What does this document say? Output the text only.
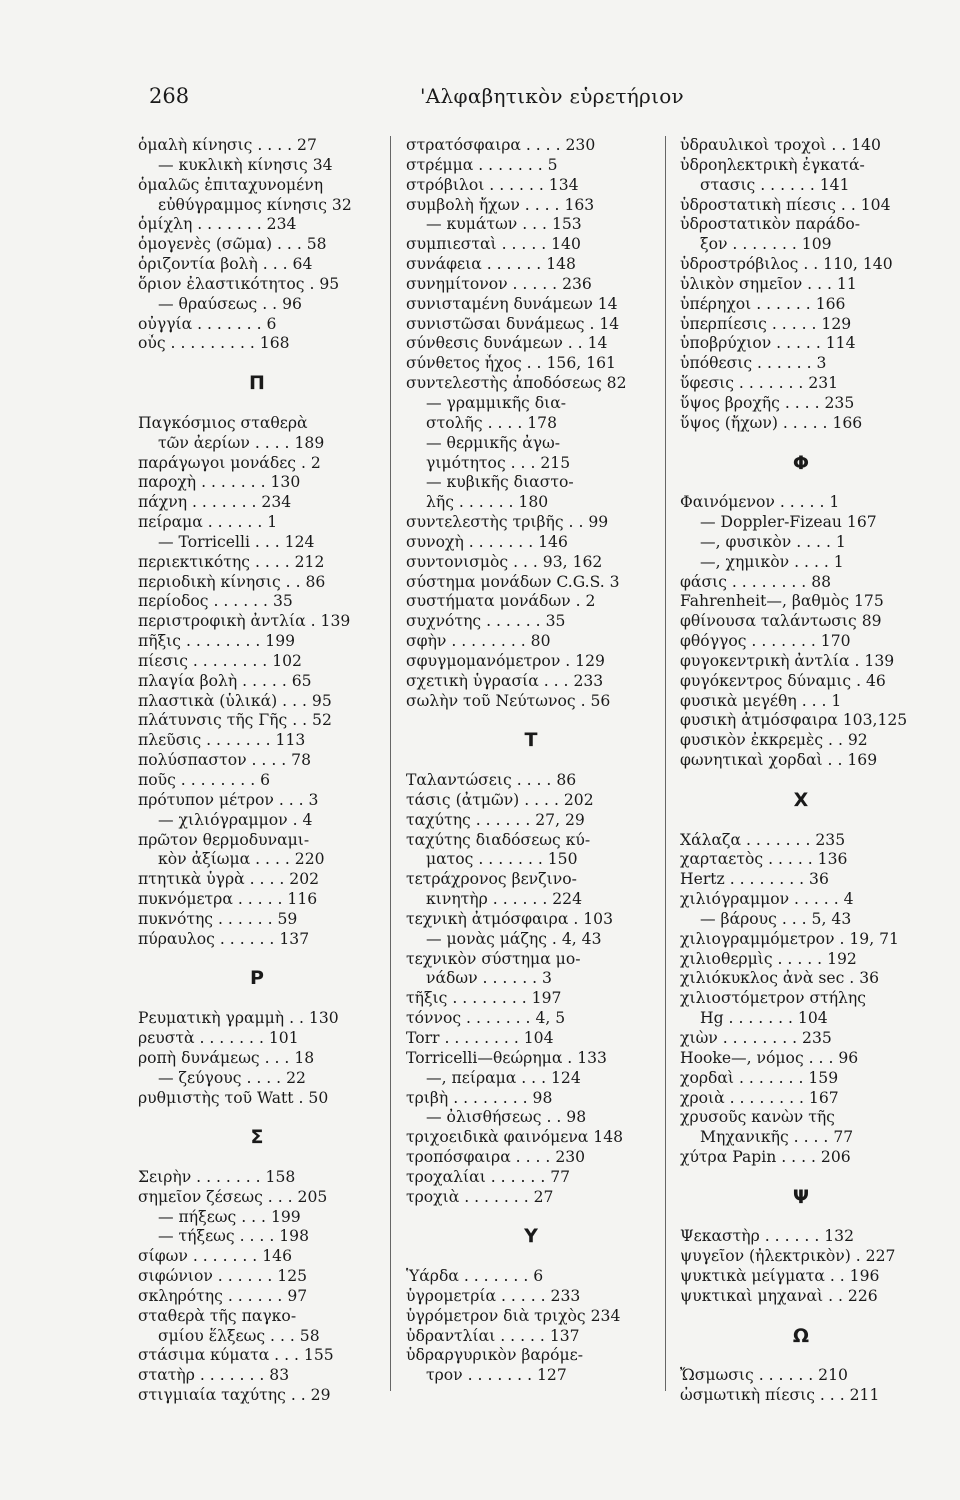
268	'Αλφαβητικὸν εὑρετήριον
ὁμαλὴ κίνησις . . . . 27
— κυκλικὴ κίνησις 34
ὁμαλῶς ἐπιταχυνομένη
εὐθύγραμμος κίνησις 32
ὁμίχλη . . . . . . . 234
ὁμογενὲς (σῶμα) . . . 58
ὁριζοντία βολὴ . . . 64
ὅριον ἐλαστικότητος . 95
— θραύσεως . . 96
οὐγγία . . . . . . . 6
οὖς . . . . . . . . . 168
Π
Παγκόσμιος σταθερὰ
τῶν ἀερίων . . . . 189
παράγωγοι μονάδες . 2
παροχὴ . . . . . . . 130
πάχνη . . . . . . . 234
πείραμα . . . . . . 1
— Torricelli . . . 124
περιεκτικότης . . . . 212
περιοδικὴ κίνησις . . 86
περίοδος . . . . . . 35
περιστροφικὴ ἀντλία . 139
πῆξις . . . . . . . . 199
πίεσις . . . . . . . . 102
πλαγία βολὴ . . . . . 65
πλαστικὰ (ὑλικά) . . . 95
πλάτυνσις τῆς Γῆς . . 52
πλεῦσις . . . . . . . 113
πολύσπαστον . . . . 78
ποῦς . . . . . . . . 6
πρότυπον μέτρον . . . 3
— χιλιόγραμμον . 4
πρῶτον θερμοδυναμι-
κὸν ἀξίωμα . . . . 220
πτητικὰ ὑγρὰ . . . . 202
πυκνόμετρα . . . . . 116
πυκνότης . . . . . . 59
πύραυλος . . . . . . 137
Ρ
Ρευματικὴ γραμμὴ . . 130
ρευστὰ . . . . . . . 101
ροπὴ δυνάμεως . . . 18
— ζεύγους . . . . 22
ρυθμιστὴς τοῦ Watt . 50
Σ
Σειρὴν . . . . . . . 158
σημεῖον ζέσεως . . . 205
— πήξεως . . . 199
— τήξεως . . . . 198
σίφων . . . . . . . 146
σιφώνιον . . . . . . 125
σκληρότης . . . . . . 97
σταθερὰ τῆς παγκο-
σμίου ἕλξεως . . . 58
στάσιμα κύματα . . . 155
στατὴρ . . . . . . . 83
στιγμιαία ταχύτης . . 29
στρατόσφαιρα . . . . 230
στρέμμα . . . . . . . 5
στρόβιλοι . . . . . . 134
συμβολὴ ἤχων . . . . 163
— κυμάτων . . . 153
συμπιεσταὶ . . . . . 140
συνάφεια . . . . . . 148
συνημίτονον . . . . . 236
συνισταμένη δυνάμεων 14
συνιστῶσαι δυνάμεως . 14
σύνθεσις δυνάμεων . . 14
σύνθετος ἦχος . . 156, 161
συντελεστὴς ἀποδόσεως 82
— γραμμικῆς δια-
στολῆς . . . . 178
— θερμικῆς ἀγω-
γιμότητος . . . 215
— κυβικῆς διαστο-
λῆς . . . . . . 180
συντελεστὴς τριβῆς . . 99
συνοχὴ . . . . . . . 146
συντονισμὸς . . . 93, 162
σύστημα μονάδων C.G.S. 3
συστήματα μονάδων . 2
συχνότης . . . . . . 35
σφὴν . . . . . . . . 80
σφυγμομανόμετρον . 129
σχετικὴ ὑγρασία . . . 233
σωλὴν τοῦ Νεύτωνος . 56
Τ
Ταλαντώσεις . . . . 86
τάσις (ἀτμῶν) . . . . 202
ταχύτης . . . . . . 27, 29
ταχύτης διαδόσεως κύ-
ματος . . . . . . . 150
τετράχρονος βενζινο-
κινητὴρ . . . . . . 224
τεχνικὴ ἀτμόσφαιρα . 103
— μονὰς μάζης . 4, 43
τεχνικὸν σύστημα μο-
νάδων . . . . . . 3
τῆξις . . . . . . . . 197
τόννος . . . . . . . 4, 5
Torr . . . . . . . . 104
Torricelli—θεώρημα . 133
—, πείραμα . . . 124
τριβὴ . . . . . . . . 98
— ὀλισθήσεως . . 98
τριχοειδικὰ φαινόμενα 148
τροπόσφαιρα . . . . 230
τροχαλίαι . . . . . . 77
τροχιὰ . . . . . . . 27
Υ
Ὑάρδα . . . . . . . 6
ὑγρομετρία . . . . . 233
ὑγρόμετρον διὰ τριχὸς 234
ὑδραντλίαι . . . . . 137
ὑδραργυρικὸν βαρόμε-
τρον . . . . . . . 127
ὑδραυλικοὶ τροχοὶ . . 140
ὑδροηλεκτρικὴ ἐγκατά-
στασις . . . . . . 141
ὑδροστατικὴ πίεσις . . 104
ὑδροστατικὸν παράδο-
ξον . . . . . . . 109
ὑδροστρόβιλος . . 110, 140
ὑλικὸν σημεῖον . . . 11
ὑπέρηχοι . . . . . . 166
ὑπερπίεσις . . . . . 129
ὑποβρύχιον . . . . . 114
ὑπόθεσις . . . . . . 3
ὕφεσις . . . . . . . 231
ὕψος βροχῆς . . . . 235
ὕψος (ἤχων) . . . . . 166
Φ
Φαινόμενον . . . . . 1
— Doppler-Fizeau 167
—, φυσικὸν . . . . 1
—, χημικὸν . . . . 1
φάσις . . . . . . . . 88
Fahrenheit—, βαθμὸς 175
φθίνουσα ταλάντωσις 89
φθόγγος . . . . . . . 170
φυγοκεντρικὴ ἀντλία . 139
φυγόκεντρος δύναμις . 46
φυσικὰ μεγέθη . . . 1
φυσικὴ ἀτμόσφαιρα 103,125
φυσικὸν ἐκκρεμὲς . . 92
φωνητικαὶ χορδαὶ . . 169
Χ
Χάλαζα . . . . . . . 235
χαρταετὸς . . . . . 136
Hertz . . . . . . . . 36
χιλιόγραμμον . . . . . 4
— βάρους . . . 5, 43
χιλιογραμμόμετρον . 19, 71
χιλιοθερμὶς . . . . . 192
χιλιόκυκλος ἀνὰ sec . 36
χιλιοστόμετρον στήλης
Hg . . . . . . . 104
χιὼν . . . . . . . . 235
Hooke—, νόμος . . . 96
χορδαὶ . . . . . . . 159
χροιὰ . . . . . . . . 167
χρυσοῦς κανὼν τῆς
Μηχανικῆς . . . . 77
χύτρα Papin . . . . 206
Ψ
Ψεκαστὴρ . . . . . . 132
ψυγεῖον (ἠλεκτρικὸν) . 227
ψυκτικὰ μείγματα . . 196
ψυκτικαὶ μηχαναὶ . . 226
Ω
Ὤσμωσις . . . . . . 210
ὠσμωτικὴ πίεσις . . . 211
